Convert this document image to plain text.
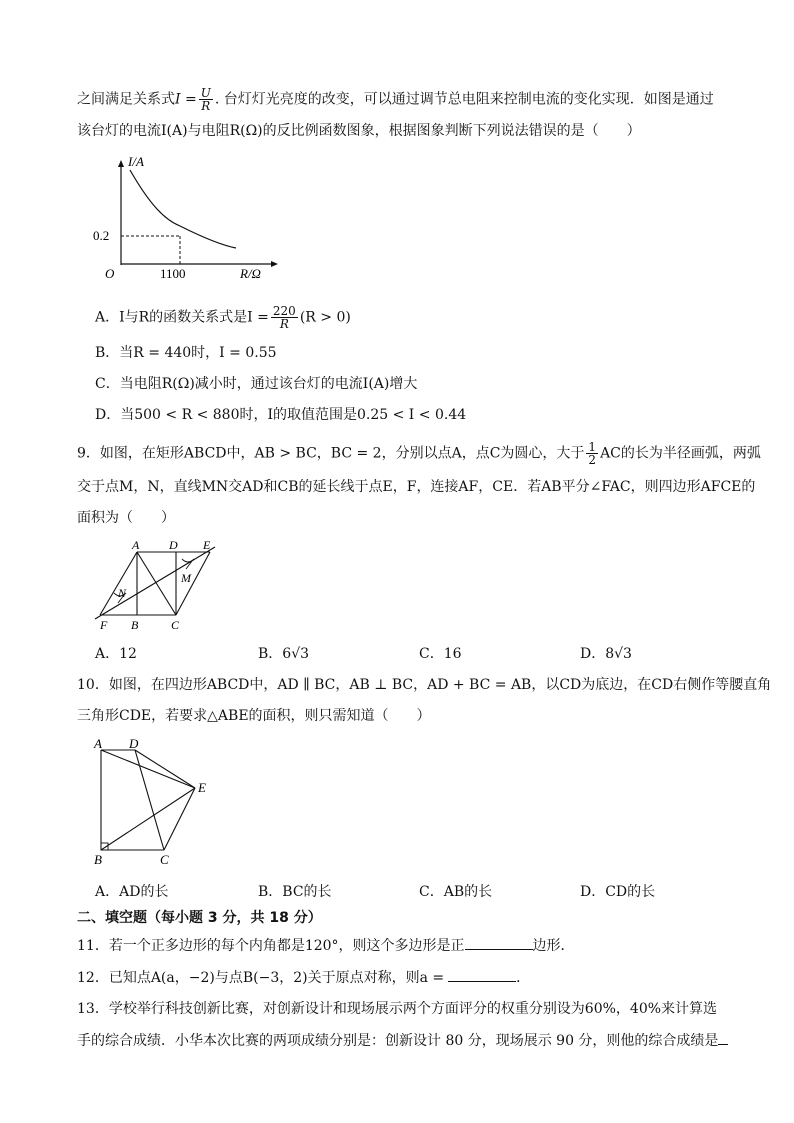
之间满足关系式$I = \frac{U}{R}$ . 台灯灯光亮度的改变，可以通过调节总电阻来控制电流的变化实现．如图是通过
该台灯的电流I(A)与电阻R(Ω)的反比例函数图象，根据图象判断下列说法错误的是（　　）
I/A
0.2
O	1100	R/Ω
A．I与R的函数关系式是$I = \frac{220}{R} (R > 0)$
B．当R = 440时，I = 0.55
C．当电阻R(Ω)减小时，通过该台灯的电流I(A)增大
D．当500 < R < 880时，I的取值范围是0.25 < I < 0.44
9．如图，在矩形ABCD中，AB > BC，BC = 2，分别以点A，点C为圆心，大于 $\frac{1}{2}$ AC的长为半径画弧，两弧
交于点M，N，直线MN交AD和CB的延长线于点E，F，连接AF，CE．若AB平分∠FAC，则四边形AFCE的
面积为（　　）
A D E
M
N
F B	C
A．12	B．6√3	C．16	D．8√3
10．如图，在四边形ABCD中，AD ∥ BC，AB ⊥ BC，AD + BC = AB，以CD为底边，在CD右侧作等腰直角
三角形CDE，若要求△ABE的面积，则只需知道（　　）
A D
E
B	C
A．AD的长	B．BC的长	C．AB的长	D．CD的长
二、填空题（每小题 3 分，共 18 分）
11．若一个正多边形的每个内角都是120°，则这个多边形是正	边形．
12．已知点A(a，−2)与点B(−3，2)关于原点对称，则a =	．
13．学校举行科技创新比赛，对创新设计和现场展示两个方面评分的权重分别设为60%，40%来计算选
手的综合成绩．小华本次比赛的两项成绩分别是：创新设计 80 分，现场展示 90 分，则他的综合成绩是
